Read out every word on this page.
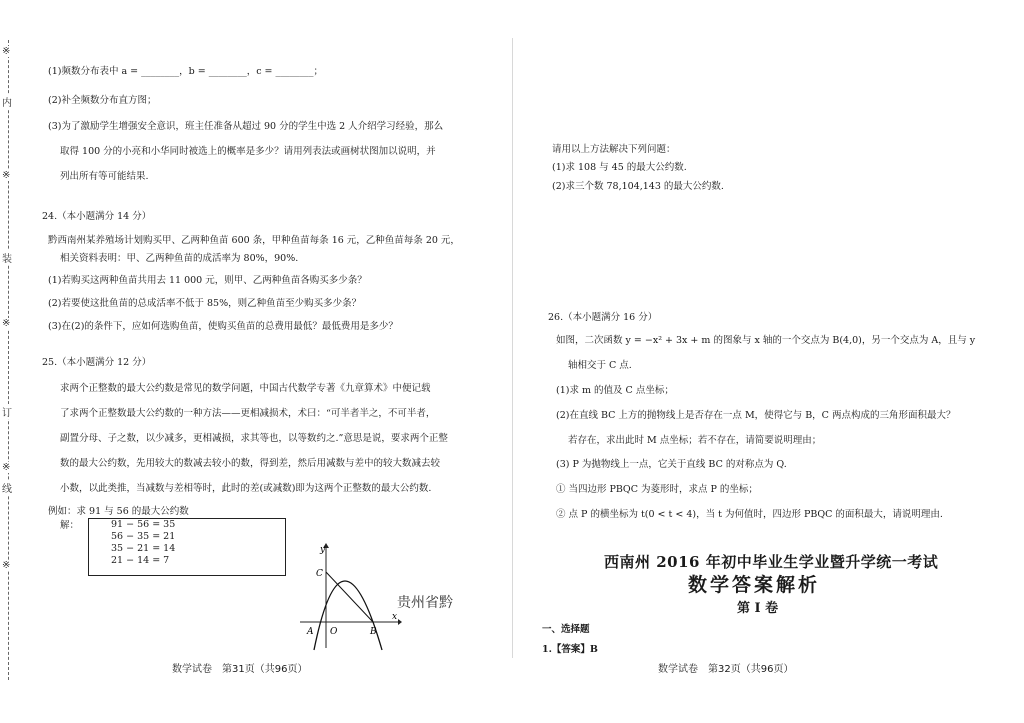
※
内
※
装
※
订
※
线
※
(1)频数分布表中 a = ________，b = ________，c = ________；
(2)补全频数分布直方图；
(3)为了激励学生增强安全意识，班主任准备从超过 90 分的学生中选 2 人介绍学习经验，那么
取得 100 分的小亮和小华同时被选上的概率是多少？请用列表法或画树状图加以说明，并
列出所有等可能结果.
24.（本小题满分 14 分）
黔西南州某养殖场计划购买甲、乙两种鱼苗 600 条，甲种鱼苗每条 16 元，乙种鱼苗每条 20 元，
相关资料表明：甲、乙两种鱼苗的成活率为 80%，90%.
(1)若购买这两种鱼苗共用去 11 000 元，则甲、乙两种鱼苗各购买多少条？
(2)若要使这批鱼苗的总成活率不低于 85%，则乙种鱼苗至少购买多少条？
(3)在(2)的条件下，应如何选购鱼苗，使购买鱼苗的总费用最低？最低费用是多少？
25.（本小题满分 12 分）
求两个正整数的最大公约数是常见的数学问题，中国古代数学专著《九章算术》中便记载
了求两个正整数最大公约数的一种方法——更相减损术，术曰：“可半者半之，不可半者，
副置分母、子之数，以少减多，更相减损，求其等也，以等数约之.”意思是说，要求两个正整
数的最大公约数，先用较大的数减去较小的数，得到差，然后用减数与差中的较大数减去较
小数，以此类推，当减数与差相等时，此时的差(或减数)即为这两个正整数的最大公约数.
例如：求 91 与 56 的最大公约数
解：	91 − 56 = 35
56 − 35 = 21
35 − 21 = 14
21 − 14 = 7
y
x
C
A O	B
贵州省黔
数学试卷　第31页（共96页）
请用以上方法解决下列问题：
(1)求 108 与 45 的最大公约数.
(2)求三个数 78,104,143 的最大公约数.
26.（本小题满分 16 分）
如图，二次函数 y = −x² + 3x + m 的图象与 x 轴的一个交点为 B(4,0)，另一个交点为 A，且与 y
轴相交于 C 点.
(1)求 m 的值及 C 点坐标；
(2)在直线 BC 上方的抛物线上是否存在一点 M，使得它与 B，C 两点构成的三角形面积最大？
若存在，求出此时 M 点坐标；若不存在，请简要说明理由；
(3) P 为抛物线上一点，它关于直线 BC 的对称点为 Q.
① 当四边形 PBQC 为菱形时，求点 P 的坐标；
② 点 P 的横坐标为 t(0 < t < 4)，当 t 为何值时，四边形 PBQC 的面积最大，请说明理由.
西南州 2016 年初中毕业生学业暨升学统一考试
数学答案解析
第 Ⅰ 卷
一、选择题
1.【答案】B
数学试卷　第32页（共96页）
